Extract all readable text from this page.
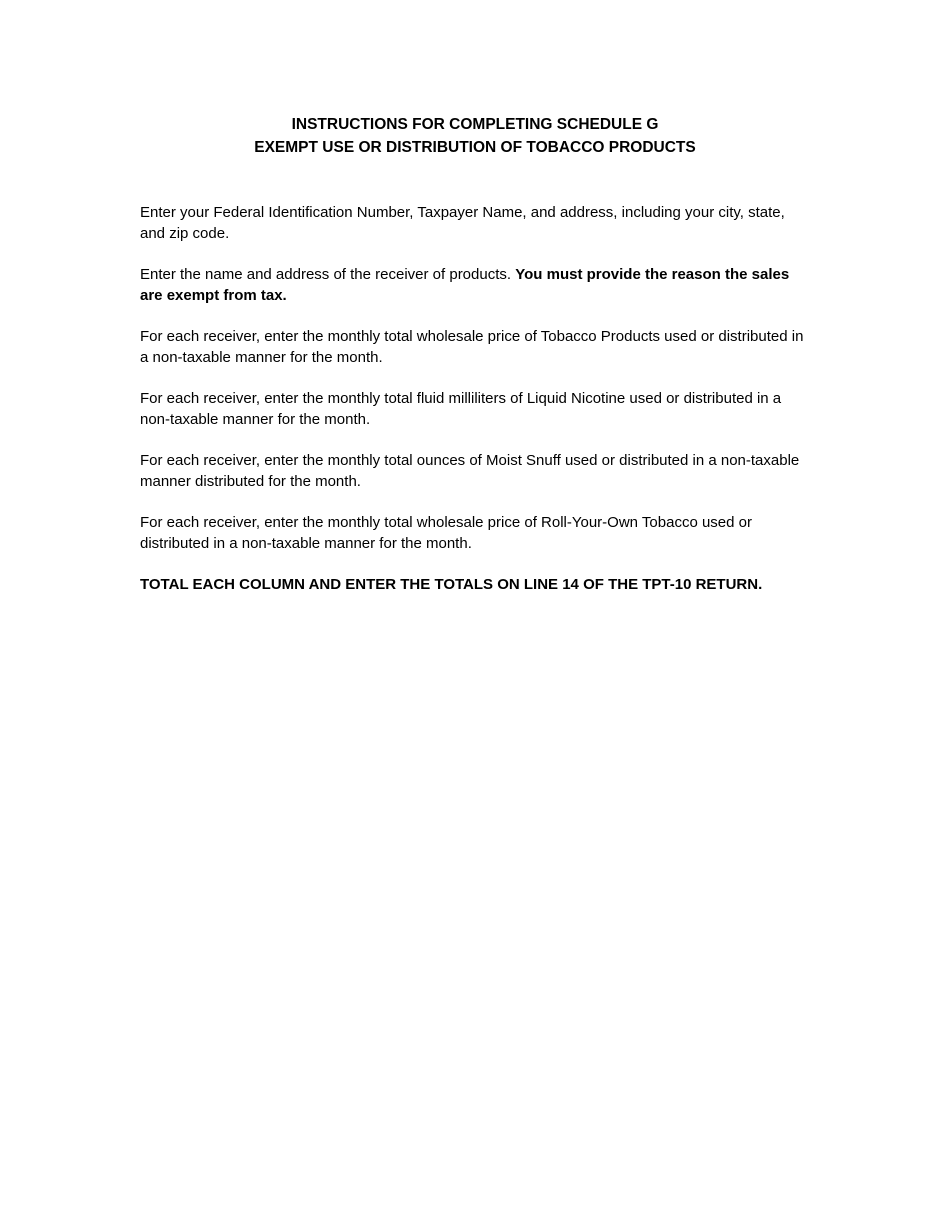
INSTRUCTIONS FOR COMPLETING SCHEDULE G
EXEMPT USE OR DISTRIBUTION OF TOBACCO PRODUCTS

Enter your Federal Identification Number, Taxpayer Name, and address, including your city, state, and zip code.

Enter the name and address of the receiver of products. You must provide the reason the sales are exempt from tax.

For each receiver, enter the monthly total wholesale price of Tobacco Products used or distributed in a non-taxable manner for the month.

For each receiver, enter the monthly total fluid milliliters of Liquid Nicotine used or distributed in a non-taxable manner for the month.

For each receiver, enter the monthly total ounces of Moist Snuff used or distributed in a non-taxable manner distributed for the month.

For each receiver, enter the monthly total wholesale price of Roll-Your-Own Tobacco used or distributed in a non-taxable manner for the month.

TOTAL EACH COLUMN AND ENTER THE TOTALS ON LINE 14 OF THE TPT-10 RETURN.
